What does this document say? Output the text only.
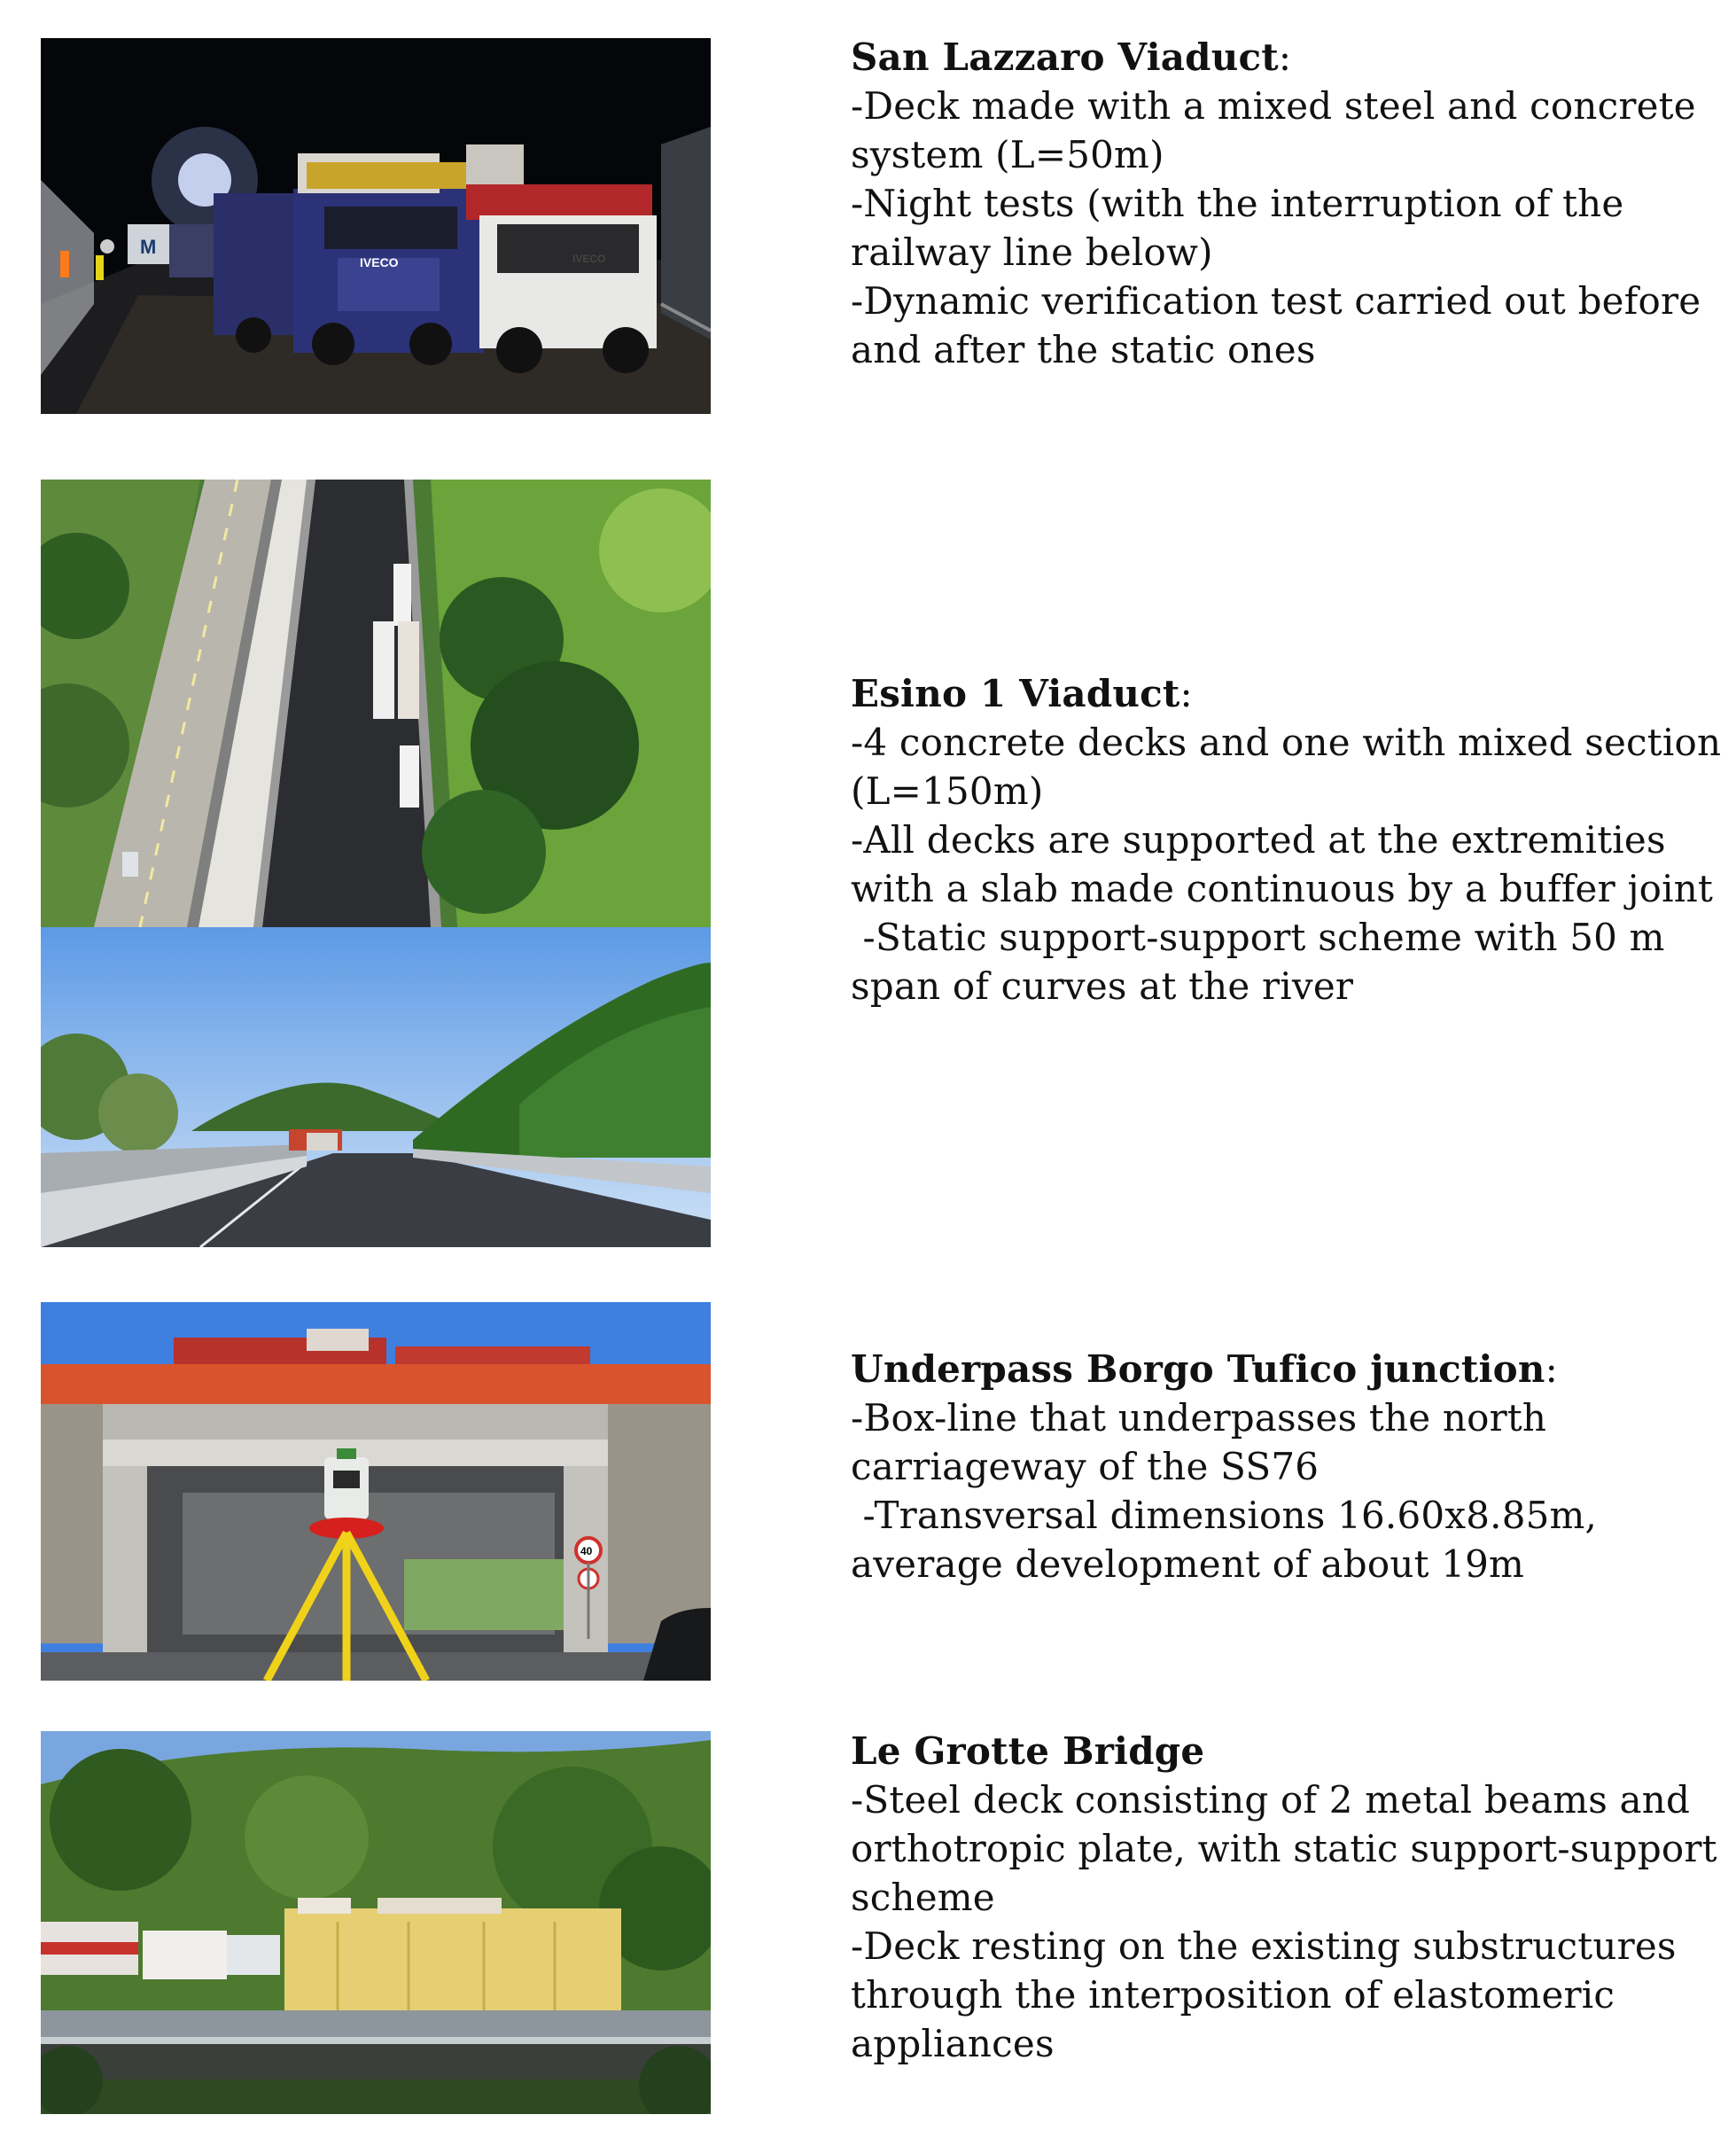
M
IVECO	IVECO
40
San Lazzaro Viaduct:
-Deck made with a mixed steel and concrete
system (L=50m)
-Night tests (with the interruption of the
railway line below)
-Dynamic verification test carried out before
and after the static ones
Esino 1 Viaduct:
-4 concrete decks and one with mixed section
(L=150m)
-All decks are supported at the extremities
with a slab made continuous by a buffer joint
-Static support-support scheme with 50 m
span of curves at the river
Underpass Borgo Tufico junction:
-Box-line that underpasses the north
carriageway of the SS76
-Transversal dimensions 16.60x8.85m,
average development of about 19m
Le Grotte Bridge
-Steel deck consisting of 2 metal beams and
orthotropic plate, with static support-support
scheme
-Deck resting on the existing substructures
through the interposition of elastomeric
appliances
